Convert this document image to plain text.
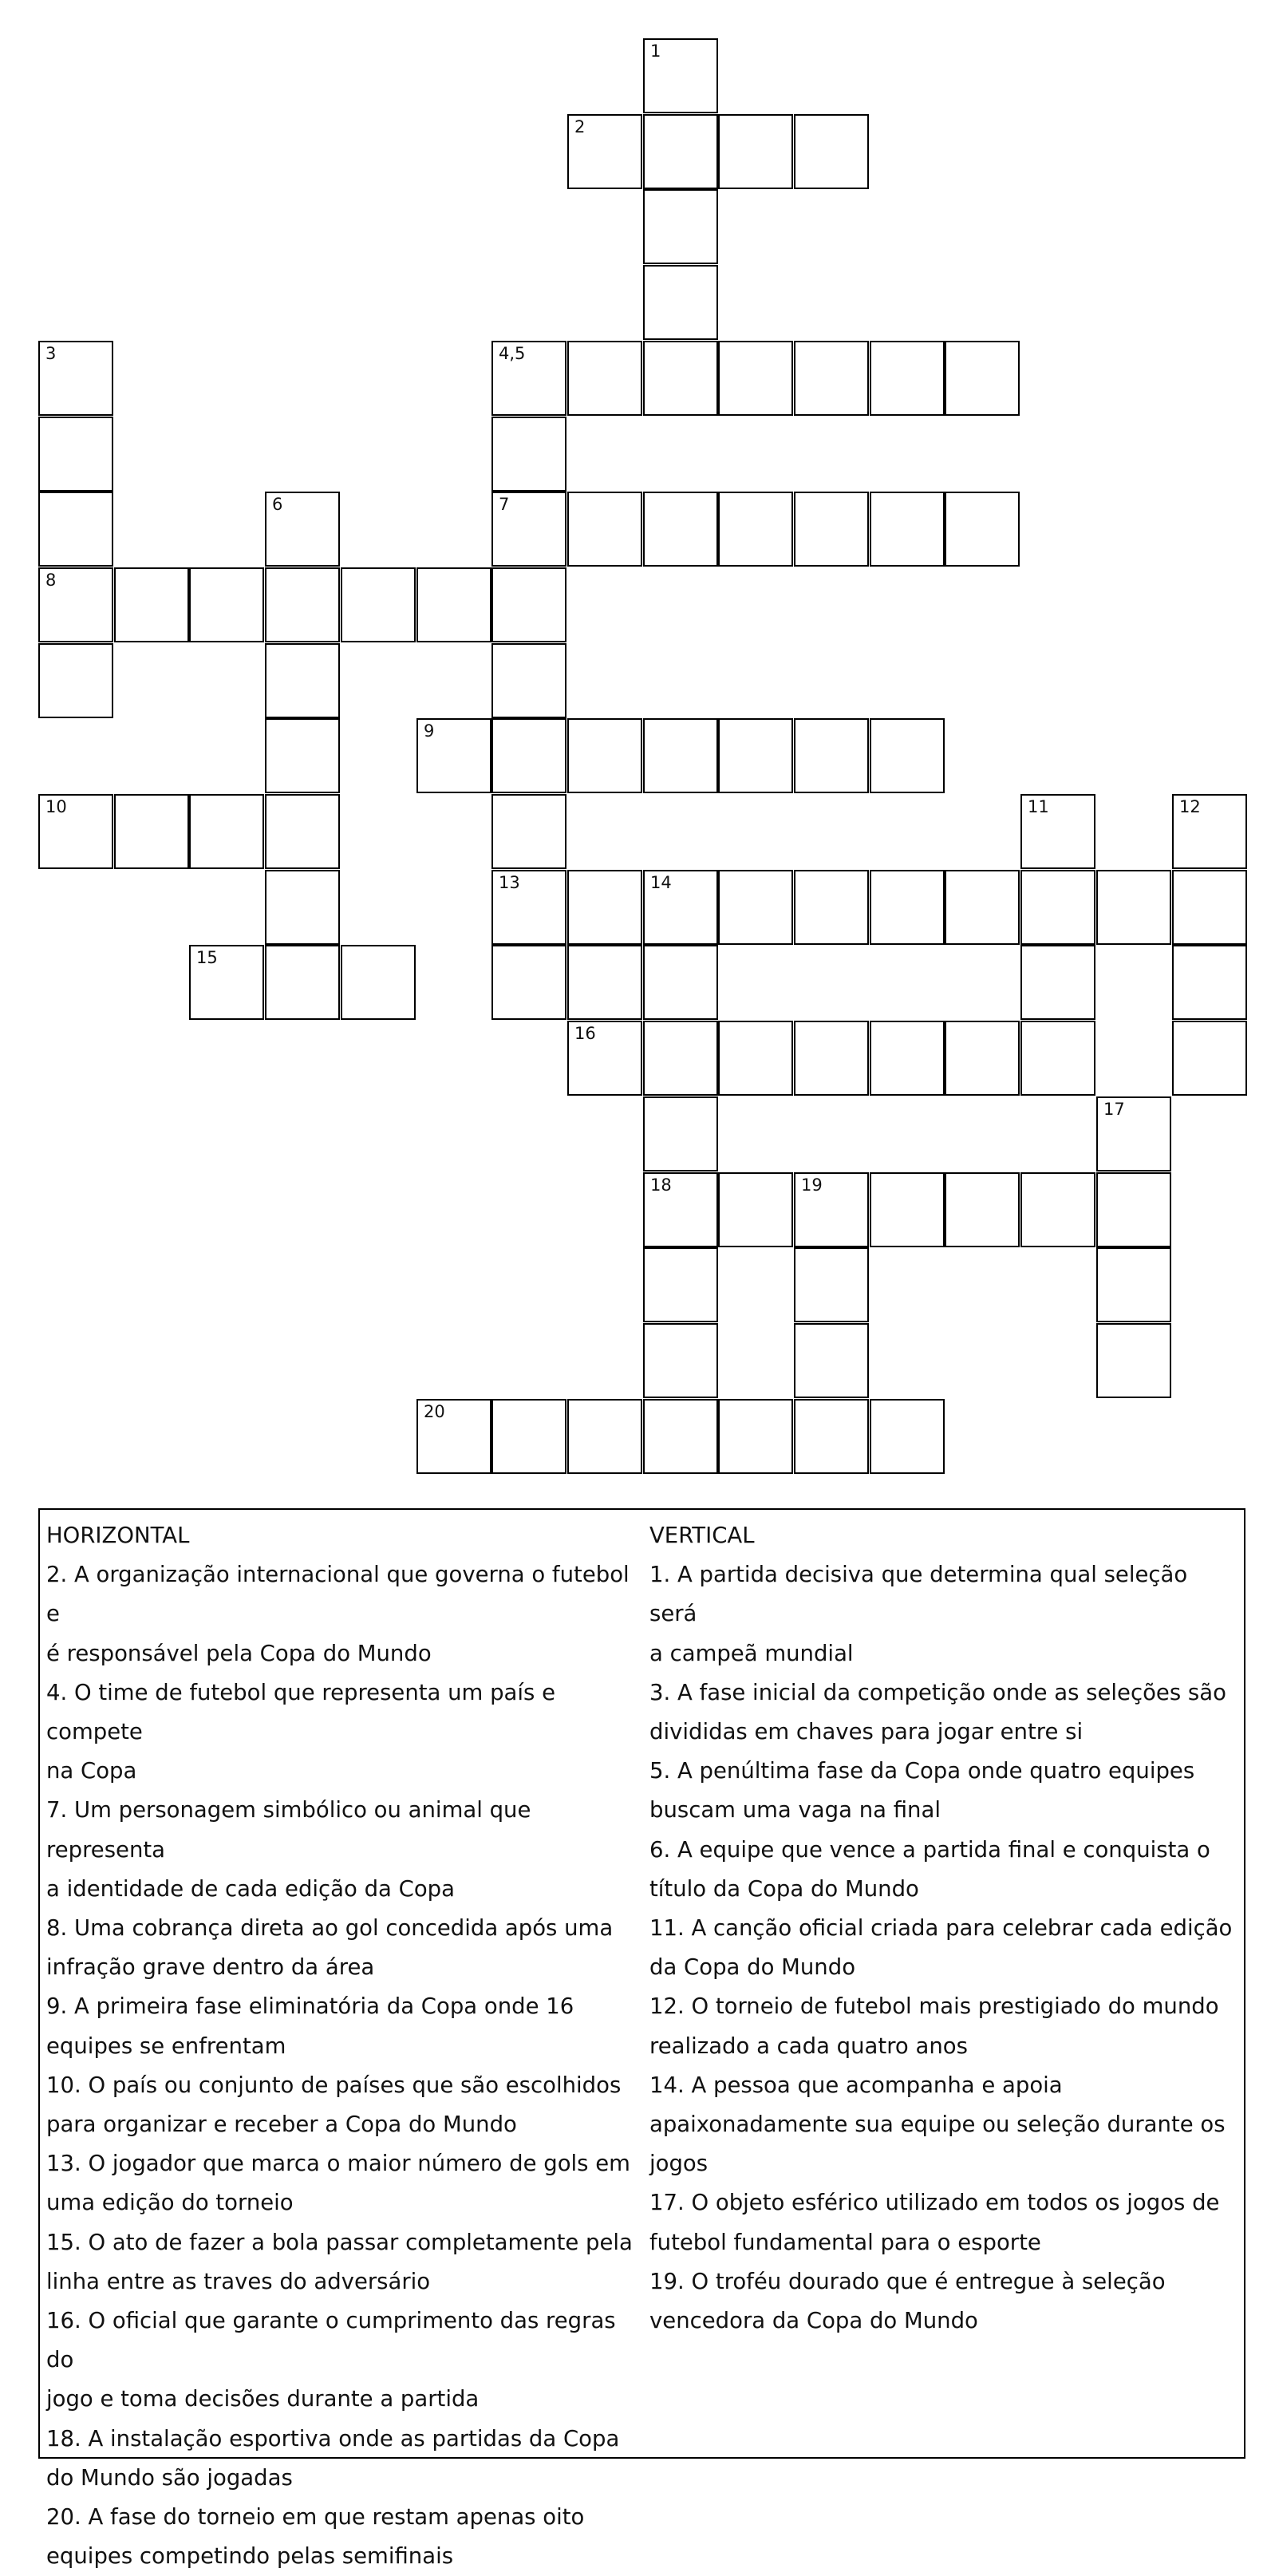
1
2
3	4,5
6	7
8
9
10	11	12
13	14
15
16
17
18	19
20
HORIZONTAL
2. A organização internacional que governa o futebol e
é responsável pela Copa do Mundo
4. O time de futebol que representa um país e compete
na Copa
7. Um personagem simbólico ou animal que representa
a identidade de cada edição da Copa
8. Uma cobrança direta ao gol concedida após uma
infração grave dentro da área
9. A primeira fase eliminatória da Copa onde 16
equipes se enfrentam
10. O país ou conjunto de países que são escolhidos
para organizar e receber a Copa do Mundo
13. O jogador que marca o maior número de gols em
uma edição do torneio
15. O ato de fazer a bola passar completamente pela
linha entre as traves do adversário
16. O oficial que garante o cumprimento das regras do
jogo e toma decisões durante a partida
18. A instalação esportiva onde as partidas da Copa
do Mundo são jogadas
20. A fase do torneio em que restam apenas oito
equipes competindo pelas semifinais
VERTICAL
1. A partida decisiva que determina qual seleção será
a campeã mundial
3. A fase inicial da competição onde as seleções são
divididas em chaves para jogar entre si
5. A penúltima fase da Copa onde quatro equipes
buscam uma vaga na final
6. A equipe que vence a partida final e conquista o
título da Copa do Mundo
11. A canção oficial criada para celebrar cada edição
da Copa do Mundo
12. O torneio de futebol mais prestigiado do mundo
realizado a cada quatro anos
14. A pessoa que acompanha e apoia
apaixonadamente sua equipe ou seleção durante os
jogos
17. O objeto esférico utilizado em todos os jogos de
futebol fundamental para o esporte
19. O troféu dourado que é entregue à seleção
vencedora da Copa do Mundo
